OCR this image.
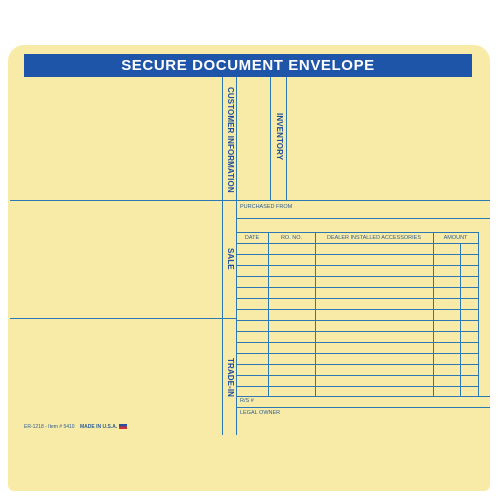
SECURE DOCUMENT ENVELOPE
CUSTOMER INFORMATION	INVENTORY
SALE
TRADE-IN
PURCHASED FROM
DATE	RO. NO.	DEALER INSTALLED ACCESSORIES	AMOUNT
R/S #
LEGAL OWNER
ER-1218 - Item # 5410 MADE IN U.S.A.
